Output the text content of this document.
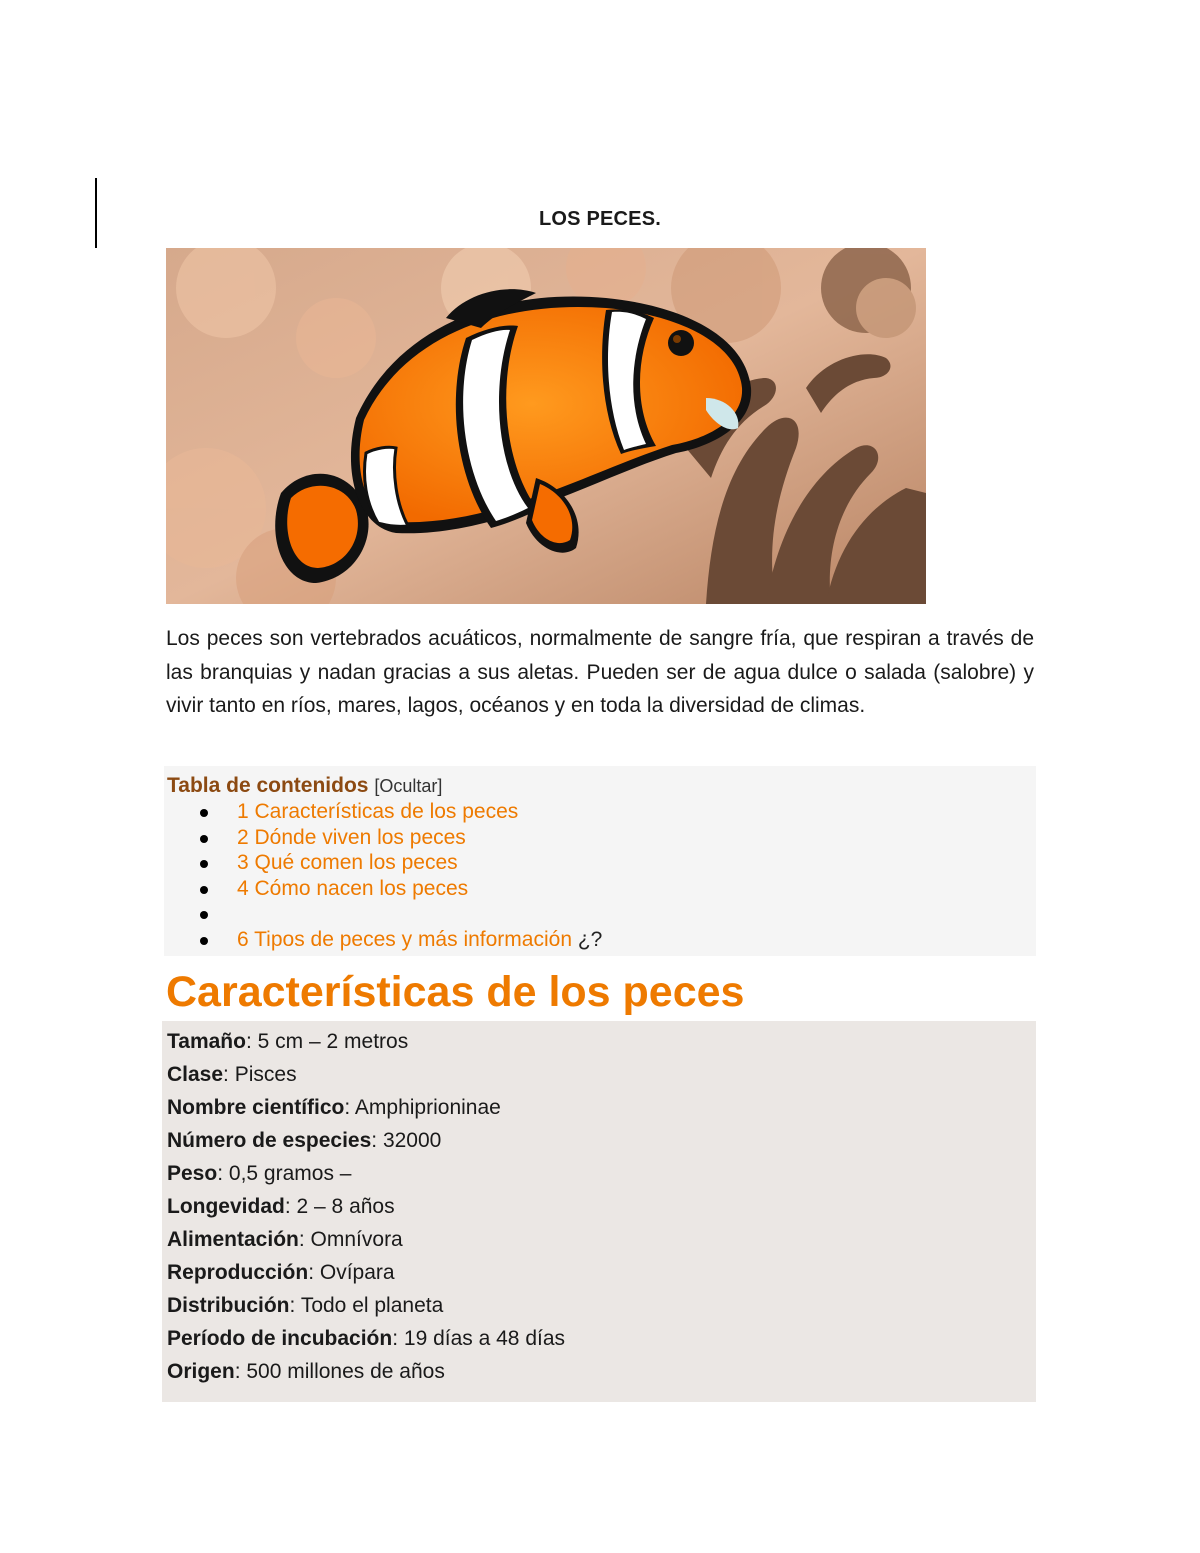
LOS PECES.

Los peces son vertebrados acuáticos, normalmente de sangre fría, que respiran a través de las branquias y nadan gracias a sus aletas. Pueden ser de agua dulce o salada (salobre) y vivir tanto en ríos, mares, lagos, océanos y en toda la diversidad de climas.

Tabla de contenidos [Ocultar]
1 Características de los peces
2 Dónde viven los peces
3 Qué comen los peces
4 Cómo nacen los peces
6 Tipos de peces y más información ¿?
Características de los peces
Tamaño: 5 cm – 2 metros
Clase: Pisces
Nombre científico: Amphiprioninae
Número de especies: 32000
Peso: 0,5 gramos –
Longevidad: 2 – 8 años
Alimentación: Omnívora
Reproducción: Ovípara
Distribución: Todo el planeta
Período de incubación: 19 días a 48 días
Origen: 500 millones de años
